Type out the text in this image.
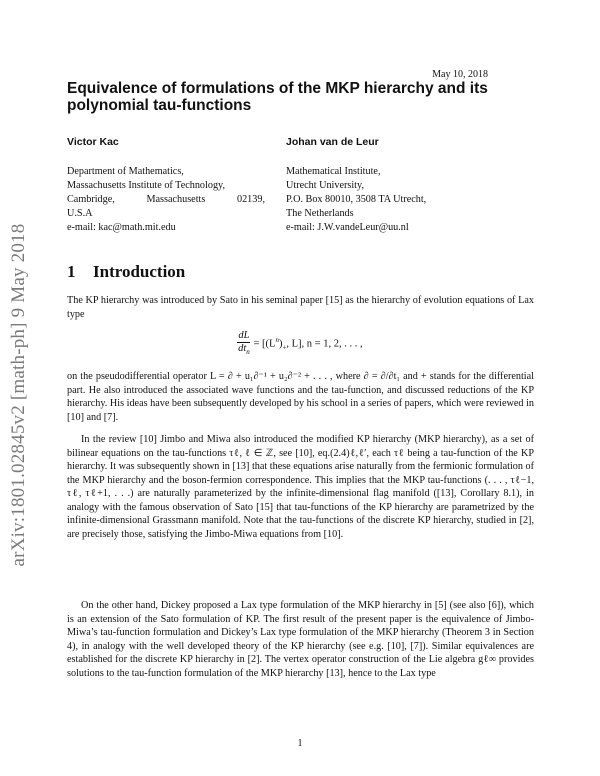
arXiv:1801.02845v2 [math-ph] 9 May 2018
May 10, 2018
Equivalence of formulations of the MKP hierarchy and its polynomial tau-functions
Victor Kac	Johan van de Leur
Department of Mathematics,
Massachusetts Institute of Technology,
Cambridge,	Massachusetts	02139,
U.S.A
e-mail: kac@math.mit.edu
Mathematical Institute,
Utrecht University,
P.O. Box 80010, 3508 TA Utrecht,
The Netherlands
e-mail: J.W.vandeLeur@uu.nl
1 Introduction

The KP hierarchy was introduced by Sato in his seminal paper [15] as the hierarchy of evolution equations of Lax type

$\frac{dL}{dt_n} = [(L^n)_+$, L], n = 1, 2, . . . ,

on the pseudodifferential operator L = ∂ + u₁∂⁻¹ + u₂∂⁻² + . . . , where ∂ = ∂/∂t₁ and + stands for the differential part. He also introduced the associated wave functions and the tau-function, and discussed reductions of the KP hierarchy. His ideas have been subsequently developed by his school in a series of papers, which were reviewed in [10] and [7].

In the review [10] Jimbo and Miwa also introduced the modified KP hierarchy (MKP hierarchy), as a set of bilinear equations on the tau-functions τℓ, ℓ ∈ ℤ, see [10], eq.(2.4)ℓ,ℓ′, each τℓ being a tau-function of the KP hierarchy. It was subsequently shown in [13] that these equations arise naturally from the fermionic formulation of the MKP hierarchy and the boson-fermion correspondence. This implies that the MKP tau-functions (. . . , τℓ−1, τℓ, τℓ+1, . . .) are naturally parameterized by the infinite-dimensional flag manifold ([13], Corollary 8.1), in analogy with the famous observation of Sato [15] that tau-functions of the KP hierarchy are parametrized by the infinite-dimensional Grassmann manifold. Note that the tau-functions of the discrete KP hierarchy, studied in [2], are precisely those, satisfying the Jimbo-Miwa equations from [10].

On the other hand, Dickey proposed a Lax type formulation of the MKP hierarchy in [5] (see also [6]), which is an extension of the Sato formulation of KP. The first result of the present paper is the equivalence of Jimbo-Miwa’s tau-function formulation and Dickey’s Lax type formulation of the MKP hierarchy (Theorem 3 in Section 4), in analogy with the well developed theory of the KP hierarchy (see e.g. [10], [7]). Similar equivalences are established for the discrete KP hierarchy in [2]. The vertex operator construction of the Lie algebra gℓ∞ provides solutions to the tau-function formulation of the MKP hierarchy [13], hence to the Lax type

1
